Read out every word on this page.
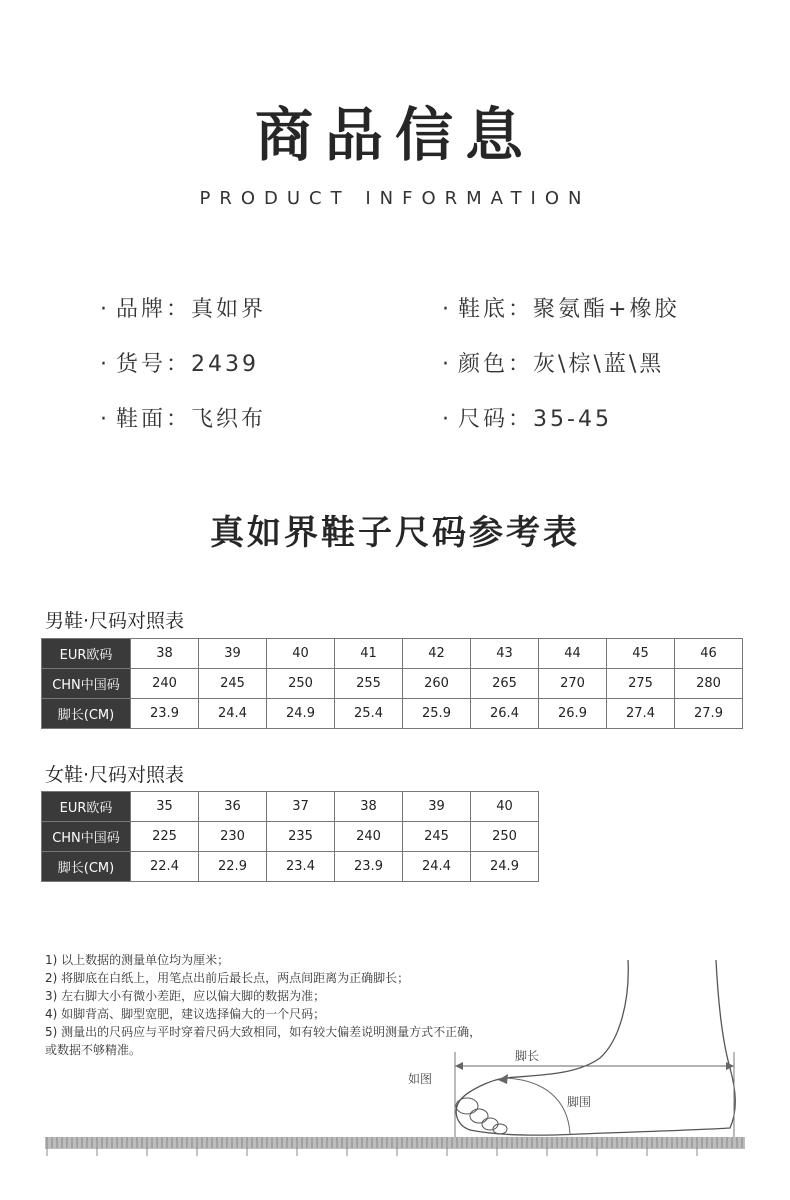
商品信息
PRODUCT INFORMATION
· 品牌：真如界
· 货号：2439
· 鞋面：飞织布
· 鞋底：聚氨酯+橡胶
· 颜色：灰\棕\蓝\黑
· 尺码：35-45
真如界鞋子尺码参考表
男鞋·尺码对照表
EUR欧码	38	39	40	41	42	43	44	45	46
CHN中国码	240	245	250	255	260	265	270	275	280
脚长(CM)	23.9	24.4	24.9	25.4	25.9	26.4	26.9	27.4	27.9
女鞋·尺码对照表
EUR欧码	35	36	37	38	39	40
CHN中国码	225	230	235	240	245	250
脚长(CM)	22.4	22.9	23.4	23.9	24.4	24.9
1) 以上数据的测量单位均为厘米；
2) 将脚底在白纸上，用笔点出前后最长点，两点间距离为正确脚长；
3) 左右脚大小有微小差距，应以偏大脚的数据为准；
4) 如脚背高、脚型宽肥，建议选择偏大的一个尺码；
5) 测量出的尺码应与平时穿着尺码大致相同，如有较大偏差说明测量方式不正确，
或数据不够精准。
如图
脚长
脚围
